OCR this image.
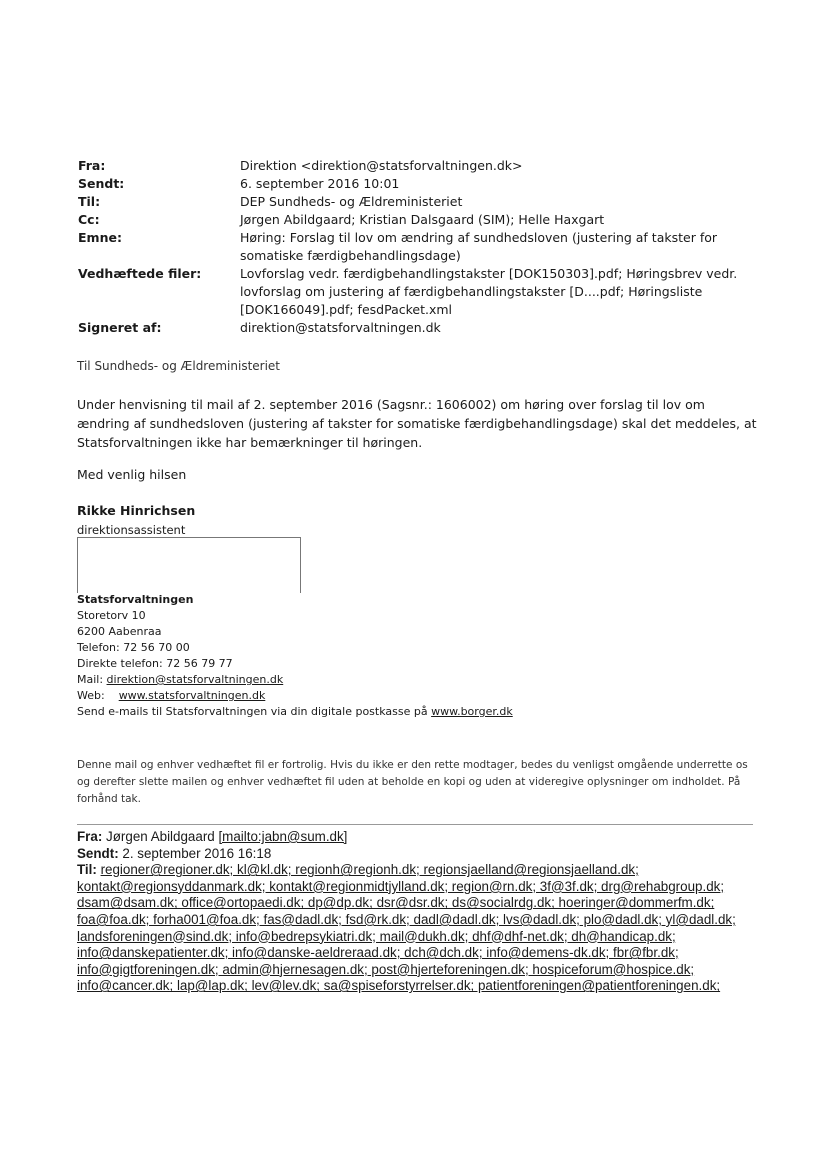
Fra:	Direktion <direktion@statsforvaltningen.dk>
Sendt:	6. september 2016 10:01
Til:	DEP Sundheds- og Ældreministeriet
Cc:	Jørgen Abildgaard; Kristian Dalsgaard (SIM); Helle Haxgart
Emne:	Høring: Forslag til lov om ændring af sundhedsloven (justering af takster for somatiske færdigbehandlingsdage)
Vedhæftede filer:	Lovforslag vedr. færdigbehandlingstakster [DOK150303].pdf; Høringsbrev vedr. lovforslag om justering af færdigbehandlingstakster [D....pdf; Høringsliste [DOK166049].pdf; fesdPacket.xml
Signeret af:	direktion@statsforvaltningen.dk
Til Sundheds- og Ældreministeriet
Under henvisning til mail af 2. september 2016 (Sagsnr.: 1606002) om høring over forslag til lov om ændring af sundhedsloven (justering af takster for somatiske færdigbehandlingsdage) skal det meddeles, at Statsforvaltningen ikke har bemærkninger til høringen.
Med venlig hilsen
Rikke Hinrichsen
direktionsassistent
Statsforvaltningen
Storetorv 10
6200 Aabenraa
Telefon: 72 56 70 00
Direkte telefon: 72 56 79 77
Mail: direktion@statsforvaltningen.dk
Web:    www.statsforvaltningen.dk
Send e-mails til Statsforvaltningen via din digitale postkasse på www.borger.dk
Denne mail og enhver vedhæftet fil er fortrolig. Hvis du ikke er den rette modtager, bedes du venligst omgående underrette os og derefter slette mailen og enhver vedhæftet fil uden at beholde en kopi og uden at videregive oplysninger om indholdet. På forhånd tak.
Fra: Jørgen Abildgaard [mailto:jabn@sum.dk]
Sendt: 2. september 2016 16:18
Til: regioner@regioner.dk; kl@kl.dk; regionh@regionh.dk; regionsjaelland@regionsjaelland.dk;
kontakt@regionsyddanmark.dk; kontakt@regionmidtjylland.dk; region@rn.dk; 3f@3f.dk; drg@rehabgroup.dk;
dsam@dsam.dk; office@ortopaedi.dk; dp@dp.dk; dsr@dsr.dk; ds@socialrdg.dk; hoeringer@dommerfm.dk;
foa@foa.dk; forha001@foa.dk; fas@dadl.dk; fsd@rk.dk; dadl@dadl.dk; lvs@dadl.dk; plo@dadl.dk; yl@dadl.dk;
landsforeningen@sind.dk; info@bedrepsykiatri.dk; mail@dukh.dk; dhf@dhf-net.dk; dh@handicap.dk;
info@danskepatienter.dk; info@danske-aeldreraad.dk; dch@dch.dk; info@demens-dk.dk; fbr@fbr.dk;
info@gigtforeningen.dk; admin@hjernesagen.dk; post@hjerteforeningen.dk; hospiceforum@hospice.dk;
info@cancer.dk; lap@lap.dk; lev@lev.dk; sa@spiseforstyrrelser.dk; patientforeningen@patientforeningen.dk;
